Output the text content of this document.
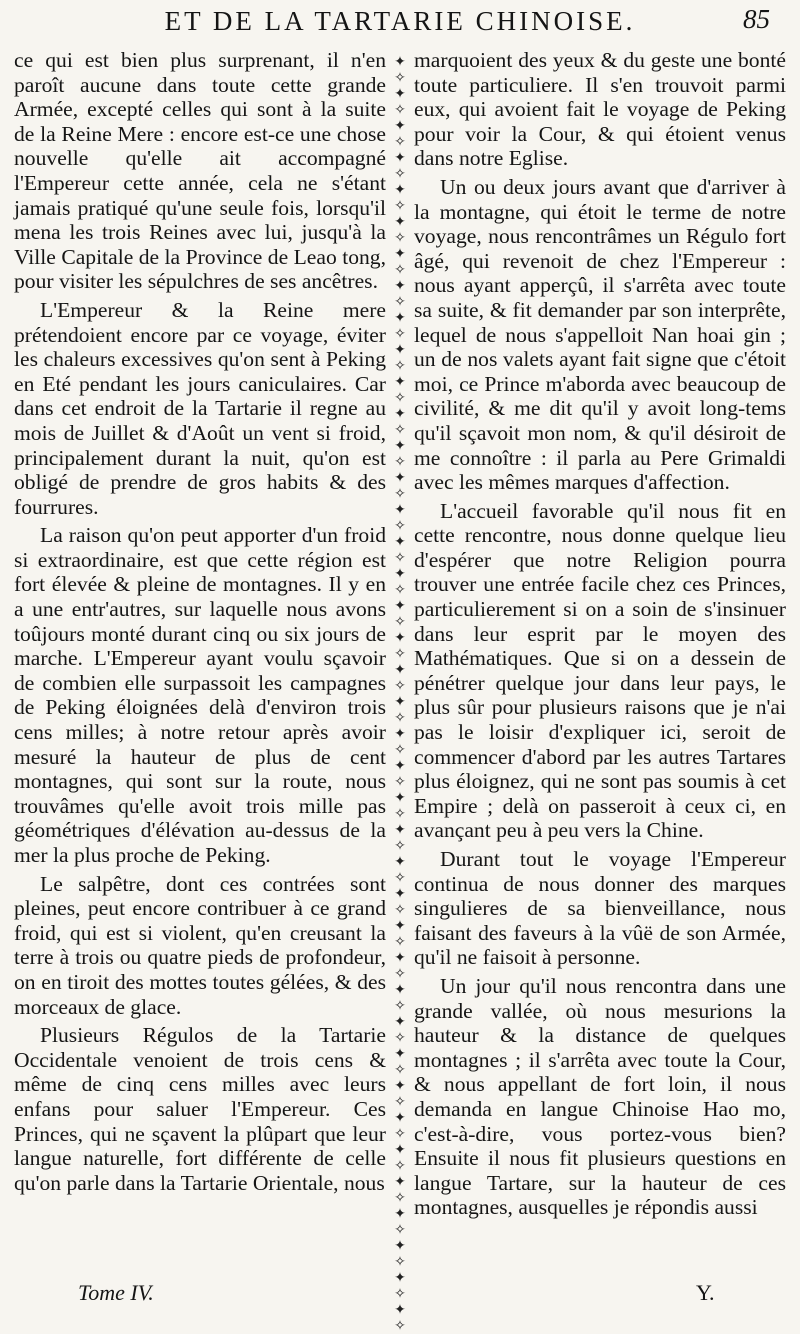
ET DE LA TARTARIE CHINOISE.	85

ce qui est bien plus surprenant, il n'en paroît aucune dans toute cette grande Armée, excepté celles qui sont à la suite de la Reine Mere : encore est-ce une chose nouvelle qu'elle ait accompagné l'Empereur cette année, cela ne s'étant jamais pratiqué qu'une seule fois, lorsqu'il mena les trois Reines avec lui, jusqu'à la Ville Capitale de la Province de Leao tong, pour visiter les sépulchres de ses ancêtres.

L'Empereur & la Reine mere prétendoient encore par ce voyage, éviter les chaleurs excessives qu'on sent à Peking en Eté pendant les jours caniculaires. Car dans cet endroit de la Tartarie il regne au mois de Juillet & d'Août un vent si froid, principalement durant la nuit, qu'on est obligé de prendre de gros habits & des fourrures.

La raison qu'on peut apporter d'un froid si extraordinaire, est que cette région est fort élevée & pleine de montagnes. Il y en a une entr'autres, sur laquelle nous avons toûjours monté durant cinq ou six jours de marche. L'Empereur ayant voulu sçavoir de combien elle surpassoit les campagnes de Peking éloignées delà d'environ trois cens milles; à notre retour après avoir mesuré la hauteur de plus de cent montagnes, qui sont sur la route, nous trouvâmes qu'elle avoit trois mille pas géométriques d'élévation au-dessus de la mer la plus proche de Peking.

Le salpêtre, dont ces contrées sont pleines, peut encore contribuer à ce grand froid, qui est si violent, qu'en creusant la terre à trois ou quatre pieds de profondeur, on en tiroit des mottes toutes gélées, & des morceaux de glace.

Plusieurs Régulos de la Tartarie Occidentale venoient de trois cens & même de cinq cens milles avec leurs enfans pour saluer l'Empereur. Ces Princes, qui ne sçavent la plûpart que leur langue naturelle, fort différente de celle qu'on parle dans la Tartarie Orientale, nous

✦
✧
✦
✧
✦
✧
✦
✧
✦
✧
✦
✧
✦
✧
✦
✧
✦
✧
✦
✧
✦
✧
✦
✧
✦
✧
✦
✧
✦
✧
✦
✧
✦
✧
✦
✧
✦
✧
✦
✧
✦
✧
✦
✧
✦
✧
✦
✧
✦
✧
✦
✧
✦
✧
✦
✧
✦
✧
✦
✧
✦
✧
✦
✧
✦
✧
✦
✧
✦
✧
✦
✧
✦
✧
✦
✧
✦
✧
✦
✧

marquoient des yeux & du geste une bonté toute particuliere. Il s'en trouvoit parmi eux, qui avoient fait le voyage de Peking pour voir la Cour, & qui étoient venus dans notre Eglise.

Un ou deux jours avant que d'arriver à la montagne, qui étoit le terme de notre voyage, nous rencontrâmes un Régulo fort âgé, qui revenoit de chez l'Empereur : nous ayant apperçû, il s'arrêta avec toute sa suite, & fit demander par son interprête, lequel de nous s'appelloit Nan hoai gin ; un de nos valets ayant fait signe que c'étoit moi, ce Prince m'aborda avec beaucoup de civilité, & me dit qu'il y avoit long-tems qu'il sçavoit mon nom, & qu'il désiroit de me connoître : il parla au Pere Grimaldi avec les mêmes marques d'affection.

L'accueil favorable qu'il nous fit en cette rencontre, nous donne quelque lieu d'espérer que notre Religion pourra trouver une entrée facile chez ces Princes, particulierement si on a soin de s'insinuer dans leur esprit par le moyen des Mathématiques. Que si on a dessein de pénétrer quelque jour dans leur pays, le plus sûr pour plusieurs raisons que je n'ai pas le loisir d'expliquer ici, seroit de commencer d'abord par les autres Tartares plus éloignez, qui ne sont pas soumis à cet Empire ; delà on passeroit à ceux ci, en avançant peu à peu vers la Chine.

Durant tout le voyage l'Empereur continua de nous donner des marques singulieres de sa bienveillance, nous faisant des faveurs à la vûë de son Armée, qu'il ne faisoit à personne.

Un jour qu'il nous rencontra dans une grande vallée, où nous mesurions la hauteur & la distance de quelques montagnes ; il s'arrêta avec toute la Cour, & nous appellant de fort loin, il nous demanda en langue Chinoise Hao mo, c'est-à-dire, vous portez-vous bien? Ensuite il nous fit plusieurs questions en langue Tartare, sur la hauteur de ces montagnes, ausquelles je répondis aussi

Tome IV.	Y.
